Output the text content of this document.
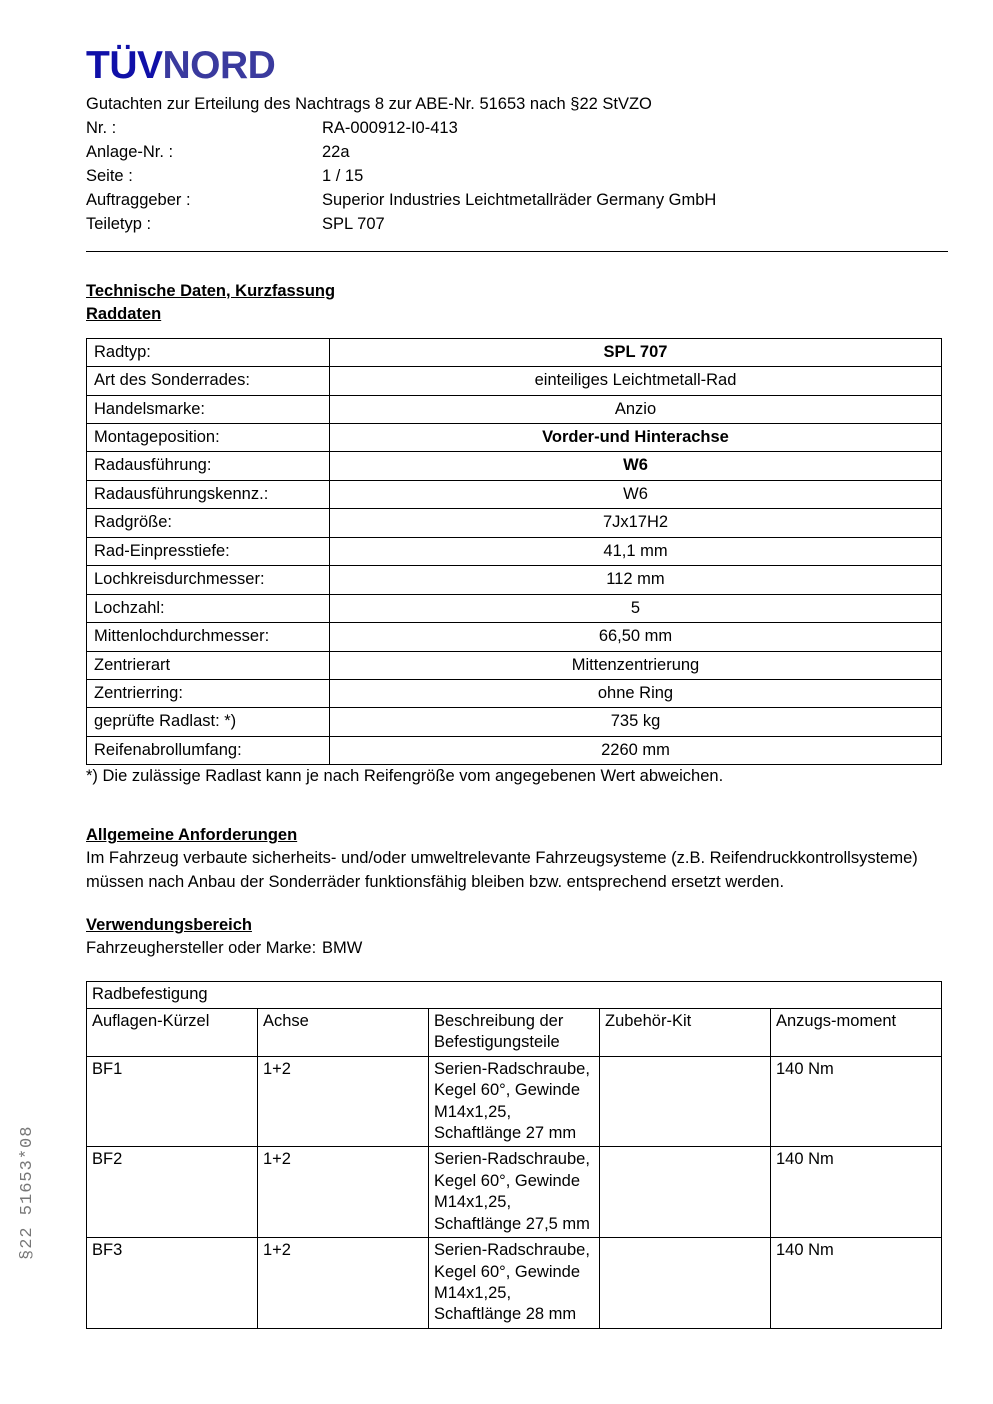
§22 51653*08
TÜVNORD
Gutachten zur Erteilung des Nachtrags 8 zur ABE-Nr. 51653 nach §22 StVZO
Nr. :	RA-000912-I0-413
Anlage-Nr. :	22a
Seite :	1 / 15
Auftraggeber :	Superior Industries Leichtmetallräder Germany GmbH
Teiletyp :	SPL 707
Technische Daten, Kurzfassung
Raddaten
Radtyp:	SPL 707
Art des Sonderrades:	einteiliges Leichtmetall-Rad
Handelsmarke:	Anzio
Montageposition:	Vorder-und Hinterachse
Radausführung:	W6
Radausführungskennz.:	W6
Radgröße:	7Jx17H2
Rad-Einpresstiefe:	41,1 mm
Lochkreisdurchmesser:	112 mm
Lochzahl:	5
Mittenlochdurchmesser:	66,50 mm
Zentrierart	Mittenzentrierung
Zentrierring:	ohne Ring
geprüfte Radlast: *)	735 kg
Reifenabrollumfang:	2260 mm
*) Die zulässige Radlast kann je nach Reifengröße vom angegebenen Wert abweichen.
Allgemeine Anforderungen
Im Fahrzeug verbaute sicherheits- und/oder umweltrelevante Fahrzeugsysteme (z.B. Reifendruckkontrollsysteme) müssen nach Anbau der Sonderräder funktionsfähig bleiben bzw. entsprechend ersetzt werden.
Verwendungsbereich
Fahrzeughersteller oder Marke:	BMW
Radbefestigung				
Auflagen-Kürzel	Achse	Beschreibung der Befestigungsteile	Zubehör-Kit	Anzugs-moment
BF1	1+2	Serien-Radschraube, Kegel 60°, Gewinde M14x1,25, Schaftlänge 27 mm		140 Nm
BF2	1+2	Serien-Radschraube, Kegel 60°, Gewinde M14x1,25, Schaftlänge 27,5 mm		140 Nm
BF3	1+2	Serien-Radschraube, Kegel 60°, Gewinde M14x1,25, Schaftlänge 28 mm		140 Nm
